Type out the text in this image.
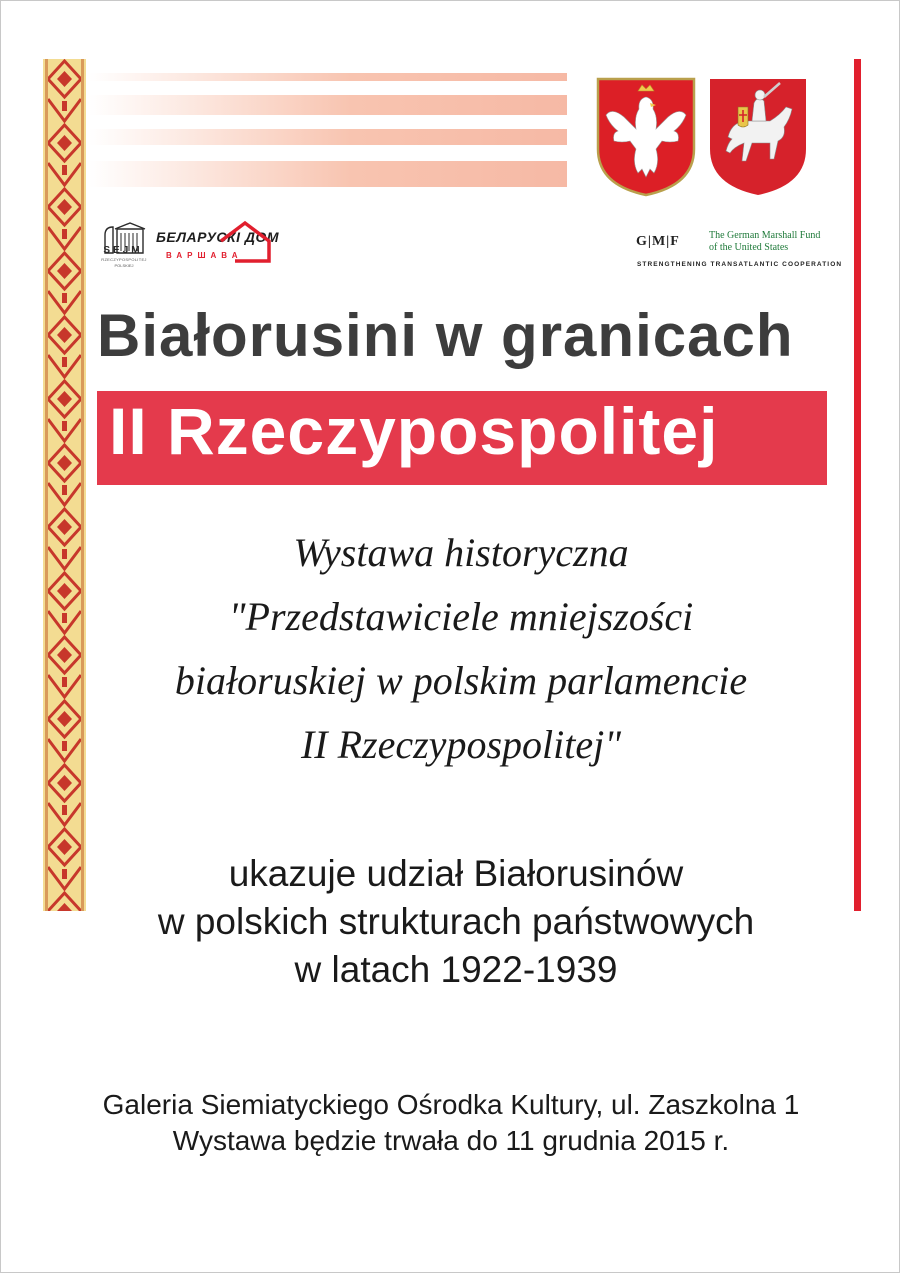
SEJM
RZECZYPOSPOLITEJ
POLSKIEJ
БЕЛАРУСКІ ДОМ
ВАРШАВА
G|M|F	The German Marshall Fund
of the United States
STRENGTHENING TRANSATLANTIC COOPERATION
Białorusini w granicach
II Rzeczypospolitej
Wystawa historyczna
"Przedstawiciele mniejszości
białoruskiej w polskim parlamencie
II Rzeczypospolitej"
ukazuje udział Białorusinów
w polskich strukturach państwowych
w latach 1922-1939
Galeria Siemiatyckiego Ośrodka Kultury, ul. Zaszkolna 1
Wystawa będzie trwała do 11 grudnia 2015 r.
